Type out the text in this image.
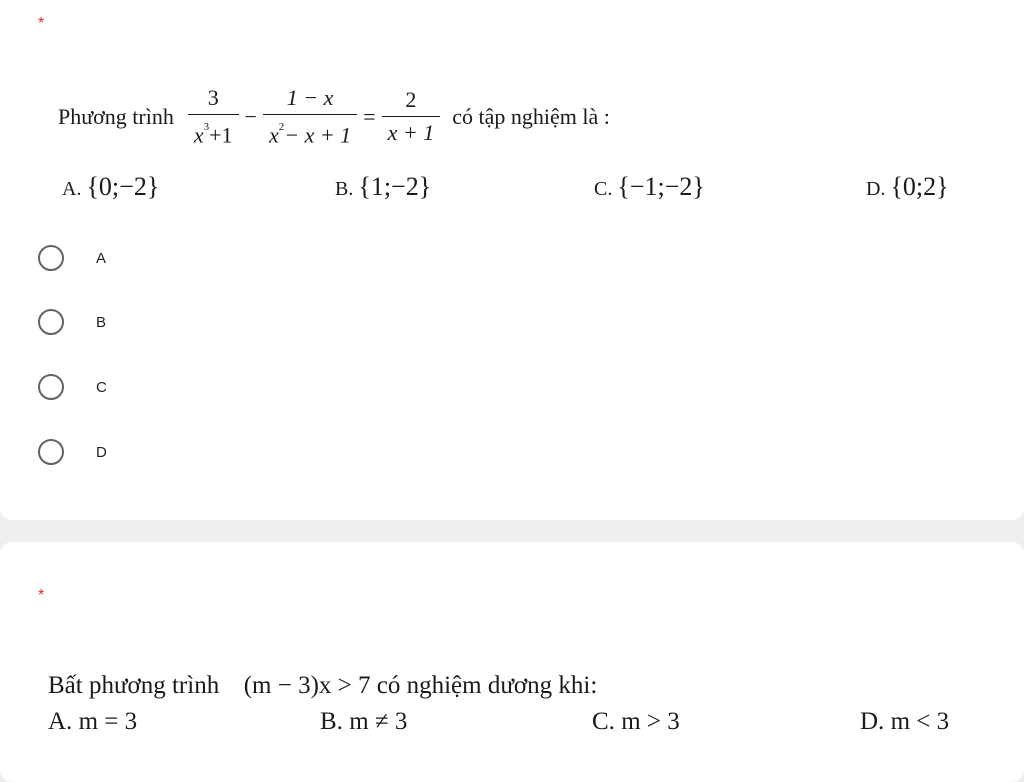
*
Phương trình $\frac{3}{x^3+1} - \frac{1 - x}{x^2- x + 1} = \frac{2}{x + 1}$ có tập nghiệm là :
A. {0;−2}	B. {1;−2}	C. {−1;−2}	D. {0;2}
A
B
C
D
*
Bất phương trình (m − 3)x > 7 có nghiệm dương khi:
A. m = 3	B. m ≠ 3	C. m > 3	D. m < 3
